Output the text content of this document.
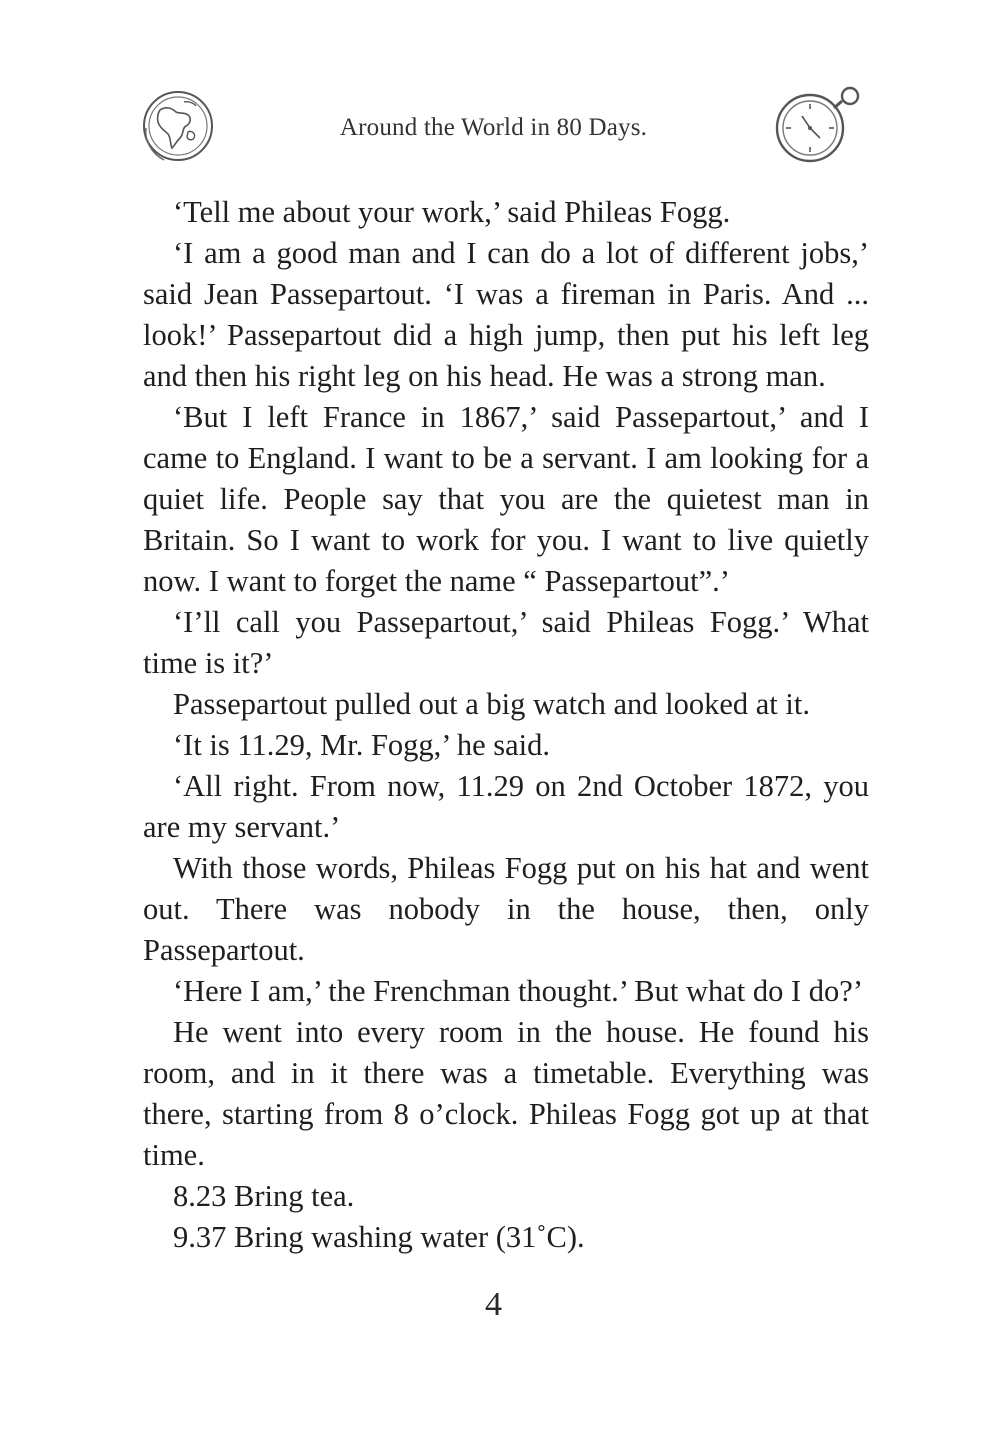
Around the World in 80 Days.

‘Tell me about your work,’ said Phileas Fogg.

‘I am a good man and I can do a lot of different jobs,’ said Jean Passepartout. ‘I was a fireman in Paris. And ... look!’ Passepartout did a high jump, then put his left leg and then his right leg on his head. He was a strong man.

‘But I left France in 1867,’ said Passepartout,’ and I came to England. I want to be a servant. I am looking for a quiet life. People say that you are the quietest man in Britain. So I want to work for you. I want to live quietly now. I want to forget the name “ Passepartout”.’

‘I’ll call you Passepartout,’ said Phileas Fogg.’ What time is it?’

Passepartout pulled out a big watch and looked at it.

‘It is 11.29, Mr. Fogg,’ he said.

‘All right. From now, 11.29 on 2nd October 1872, you are my servant.’

With those words, Phileas Fogg put on his hat and went out. There was nobody in the house, then, only Passepartout.

‘Here I am,’ the Frenchman thought.’ But what do I do?’

He went into every room in the house. He found his room, and in it there was a timetable. Everything was there, starting from 8 o’clock. Phileas Fogg got up at that time.

8.23 Bring tea.

9.37 Bring washing water (31˚C).

4
